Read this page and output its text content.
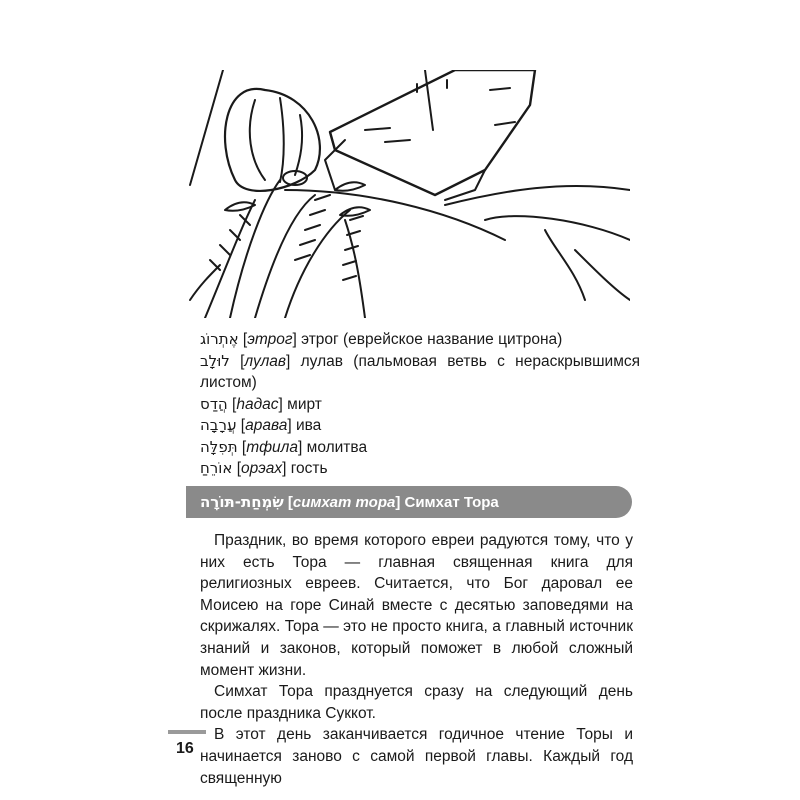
אֶתְרוֹג [этрог] этрог (еврейское название цитрона)
לוּלָב [лулав] лулав (пальмовая ветвь с нераскрывшимся листом)
הֲדַס [hадас] мирт
עֲרָבָה [арава] ива
תְּפִלָּה [тфила] молитва
אוֹרֵחַ [орэах] гость
שִׂמְחַת-תּוֹרָה [симхат тора] Симхат Тора

Праздник, во время которого евреи радуются тому, что у них есть Тора — главная священная книга для религиозных евреев. Считается, что Бог даровал ее Моисею на горе Синай вместе с десятью заповедями на скрижалях. Тора — это не просто книга, а главный источник знаний и законов, который поможет в любой сложный момент жизни.

Симхат Тора празднуется сразу на следующий день после праздника Суккот.

В этот день заканчивается годичное чтение Торы и начинается заново с самой первой главы. Каждый год священную

16
